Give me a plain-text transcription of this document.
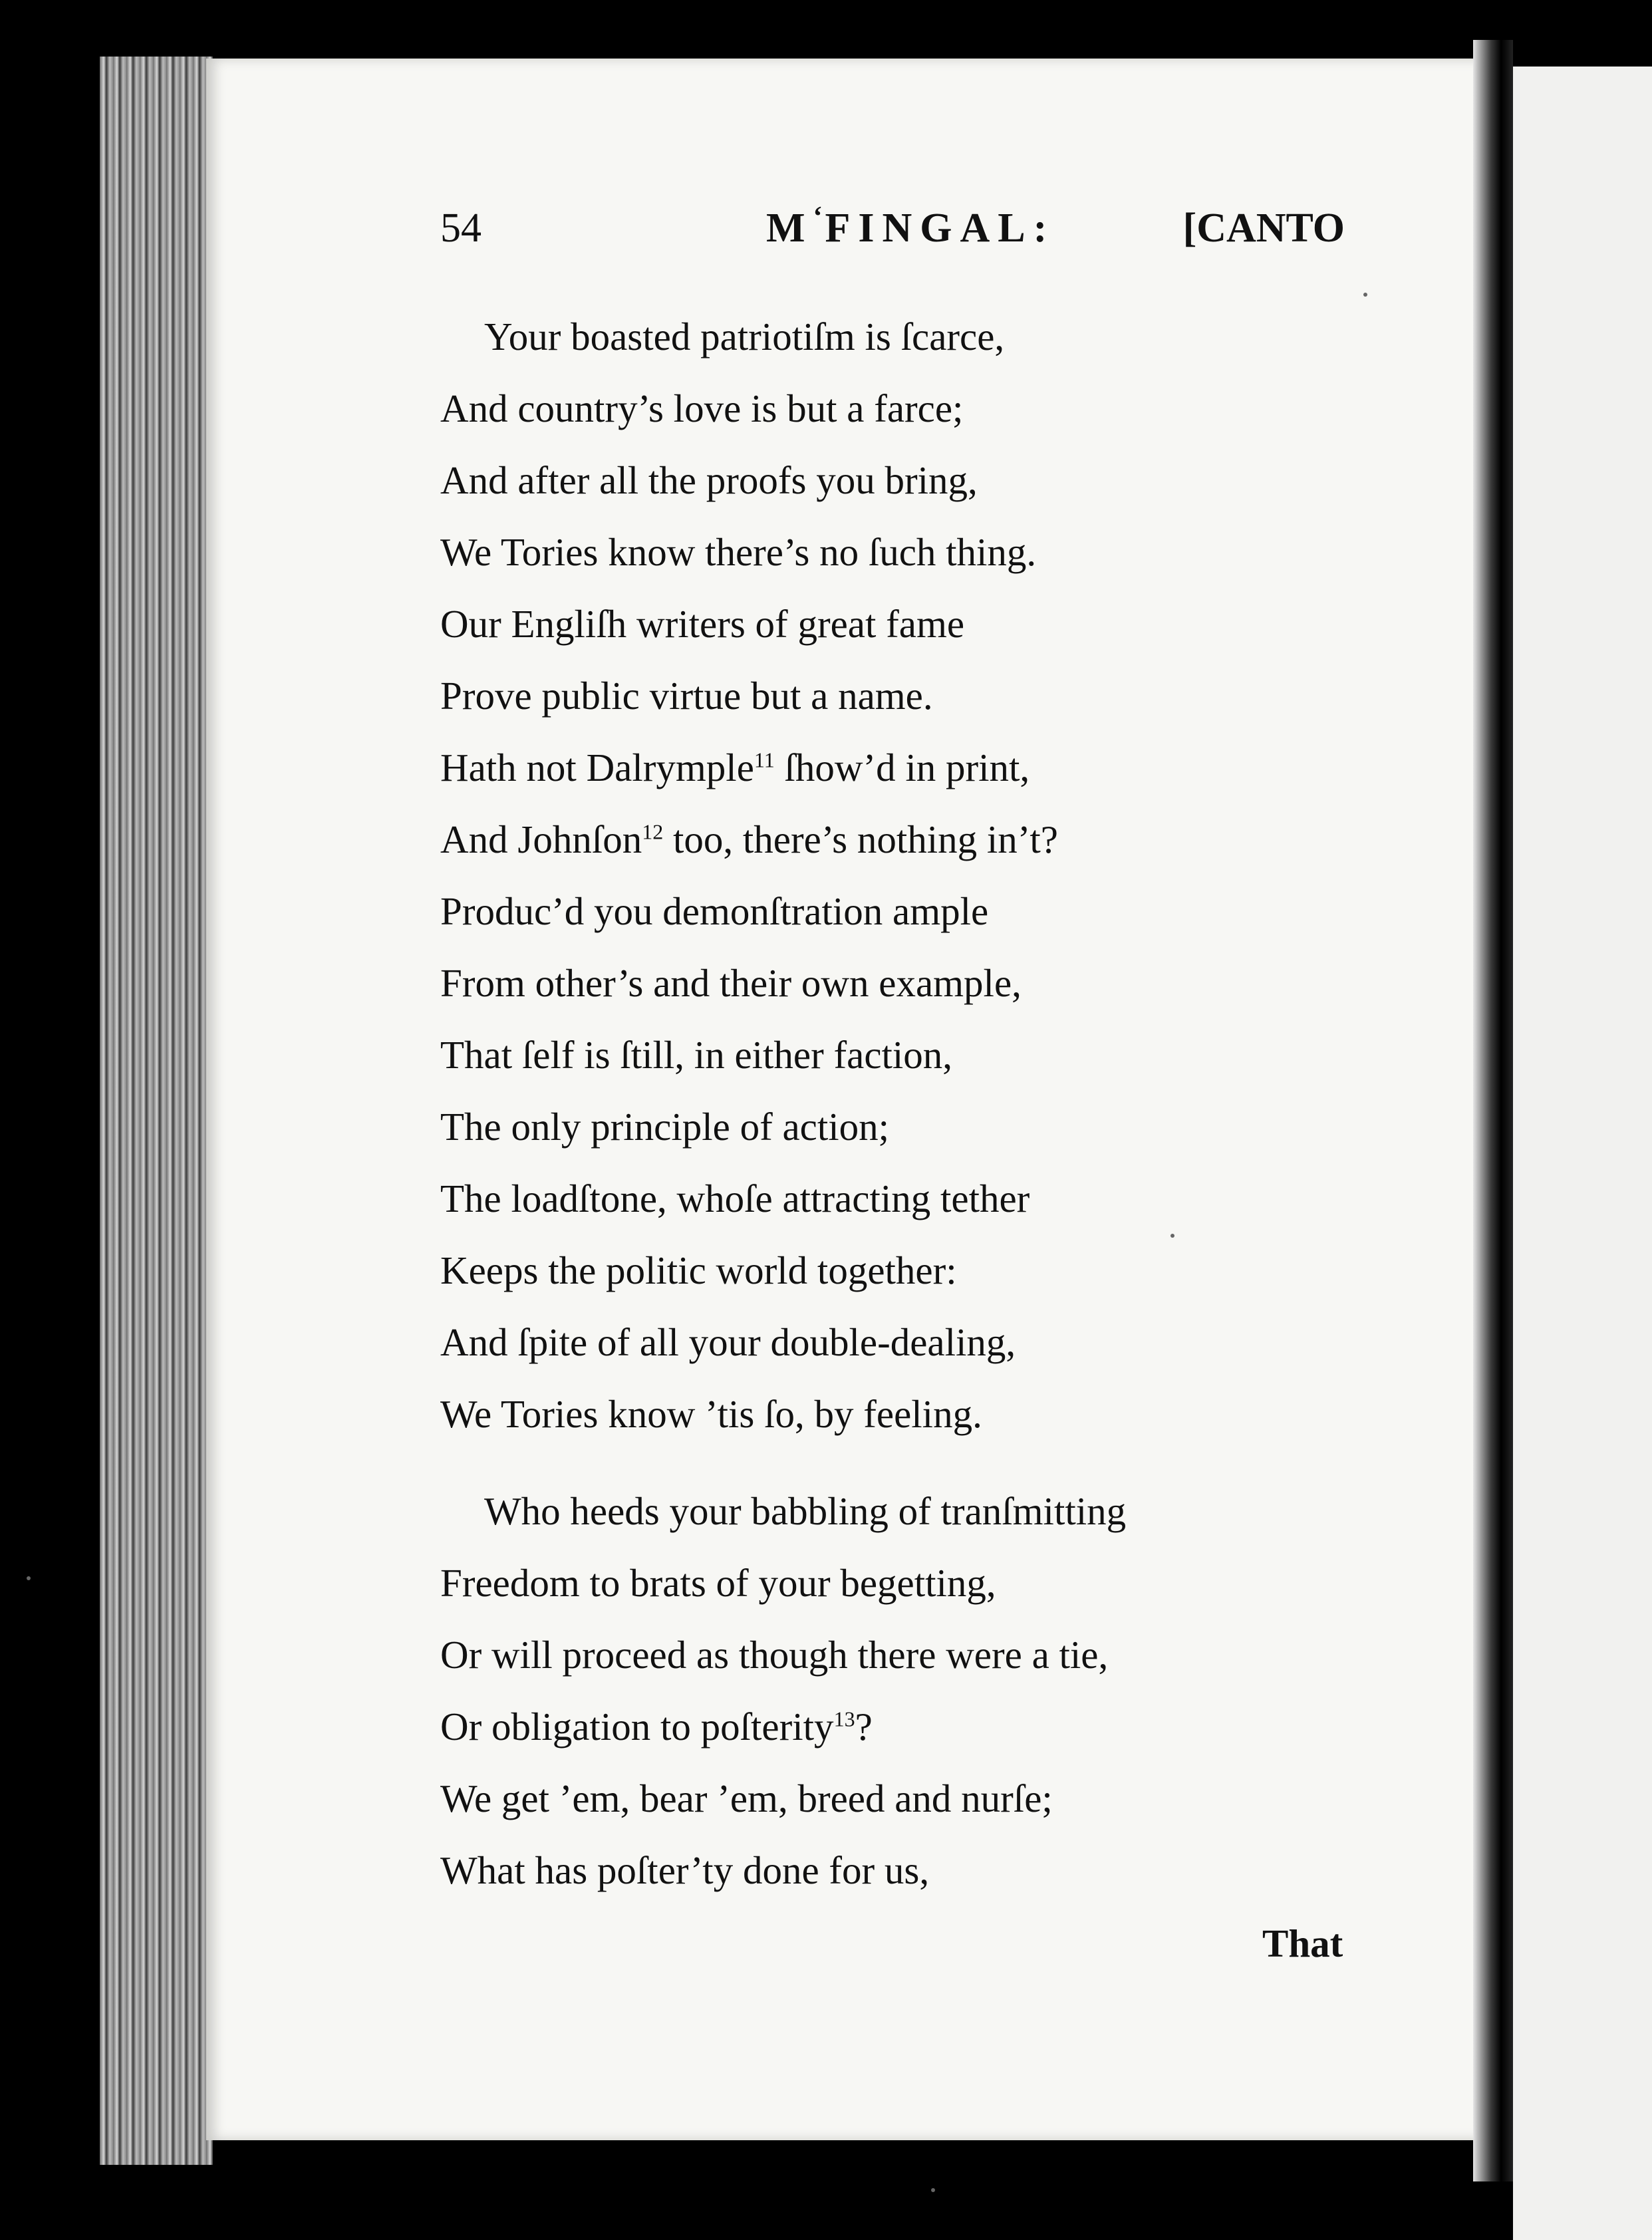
54	M‘FINGAL:	[CANTO
Your boasted patriotiſm is ſcarce,
And country’s love is but a farce;
And after all the proofs you bring,
We Tories know there’s no ſuch thing.
Our Engliſh writers of great fame
Prove public virtue but a name.
Hath not Dalrymple$^{11}$ ſhow’d in print,
And Johnſon$^{12}$ too, there’s nothing in’t?
Produc’d you demonſtration ample
From other’s and their own example,
That ſelf is ſtill, in either faction,
The only principle of action;
The loadſtone, whoſe attracting tether
Keeps the politic world together:
And ſpite of all your double-dealing,
We Tories know ’tis ſo, by feeling.
Who heeds your babbling of tranſmitting
Freedom to brats of your begetting,
Or will proceed as though there were a tie,
Or obligation to poſterity$^{13}$?
We get ’em, bear ’em, breed and nurſe;
What has poſter’ty done for us,
That
